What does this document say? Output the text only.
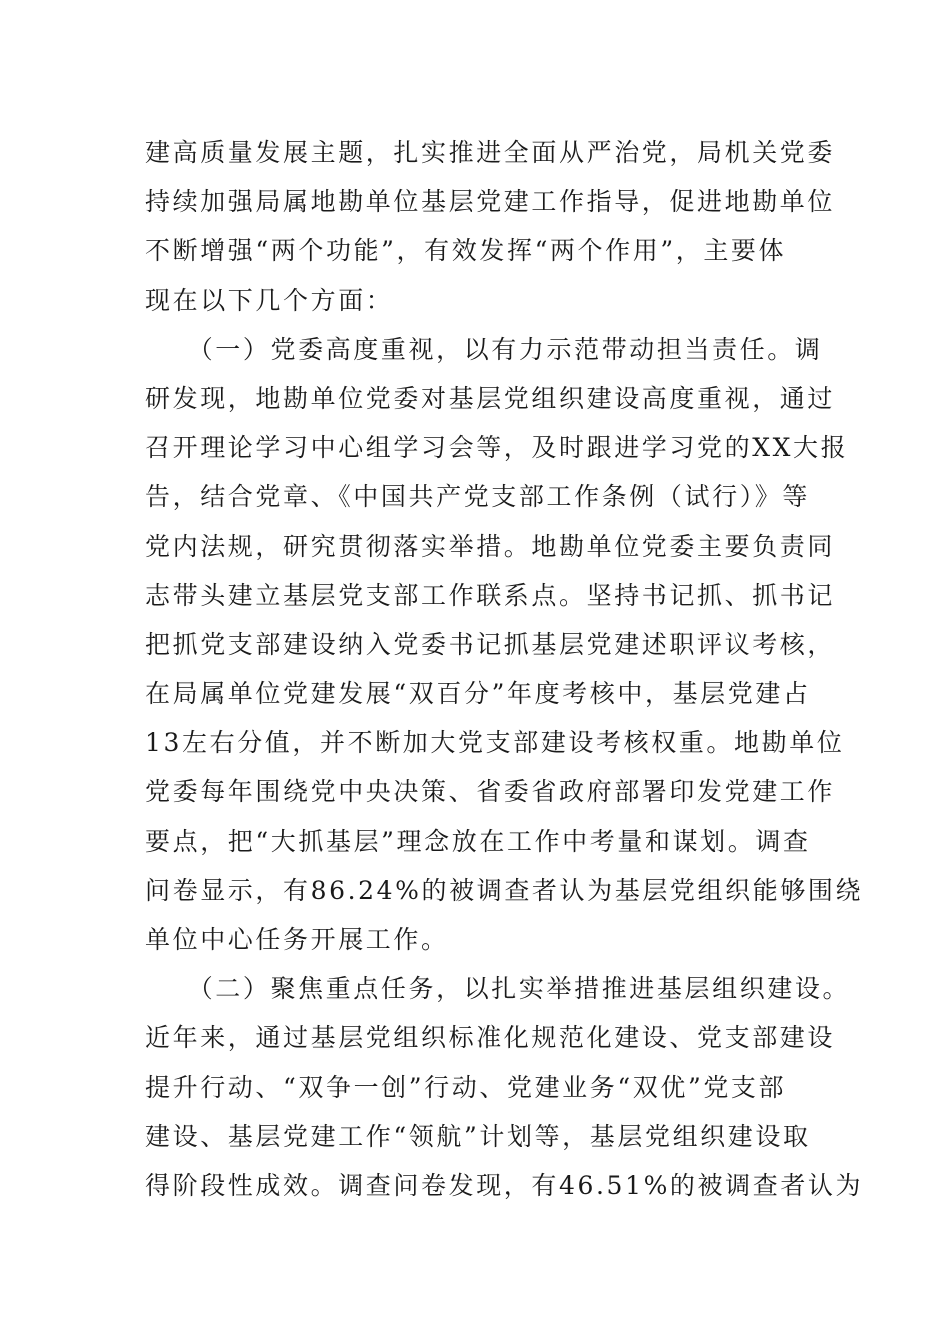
建高质量发展主题，扎实推进全面从严治党，局机关党委
持续加强局属地勘单位基层党建工作指导，促进地勘单位
不断增强“两个功能”，有效发挥“两个作用”，主要体
现在以下几个方面：
　　（一）党委高度重视，以有力示范带动担当责任。调
研发现，地勘单位党委对基层党组织建设高度重视，通过
召开理论学习中心组学习会等，及时跟进学习党的XX大报
告，结合党章、《中国共产党支部工作条例（试行）》等
党内法规，研究贯彻落实举措。地勘单位党委主要负责同
志带头建立基层党支部工作联系点。坚持书记抓、抓书记
把抓党支部建设纳入党委书记抓基层党建述职评议考核，
在局属单位党建发展“双百分”年度考核中，基层党建占
13左右分值，并不断加大党支部建设考核权重。地勘单位
党委每年围绕党中央决策、省委省政府部署印发党建工作
要点，把“大抓基层”理念放在工作中考量和谋划。调查
问卷显示，有86.24%的被调查者认为基层党组织能够围绕
单位中心任务开展工作。
　　（二）聚焦重点任务，以扎实举措推进基层组织建设。
近年来，通过基层党组织标准化规范化建设、党支部建设
提升行动、“双争一创”行动、党建业务“双优”党支部
建设、基层党建工作“领航”计划等，基层党组织建设取
得阶段性成效。调查问卷发现，有46.51%的被调查者认为
